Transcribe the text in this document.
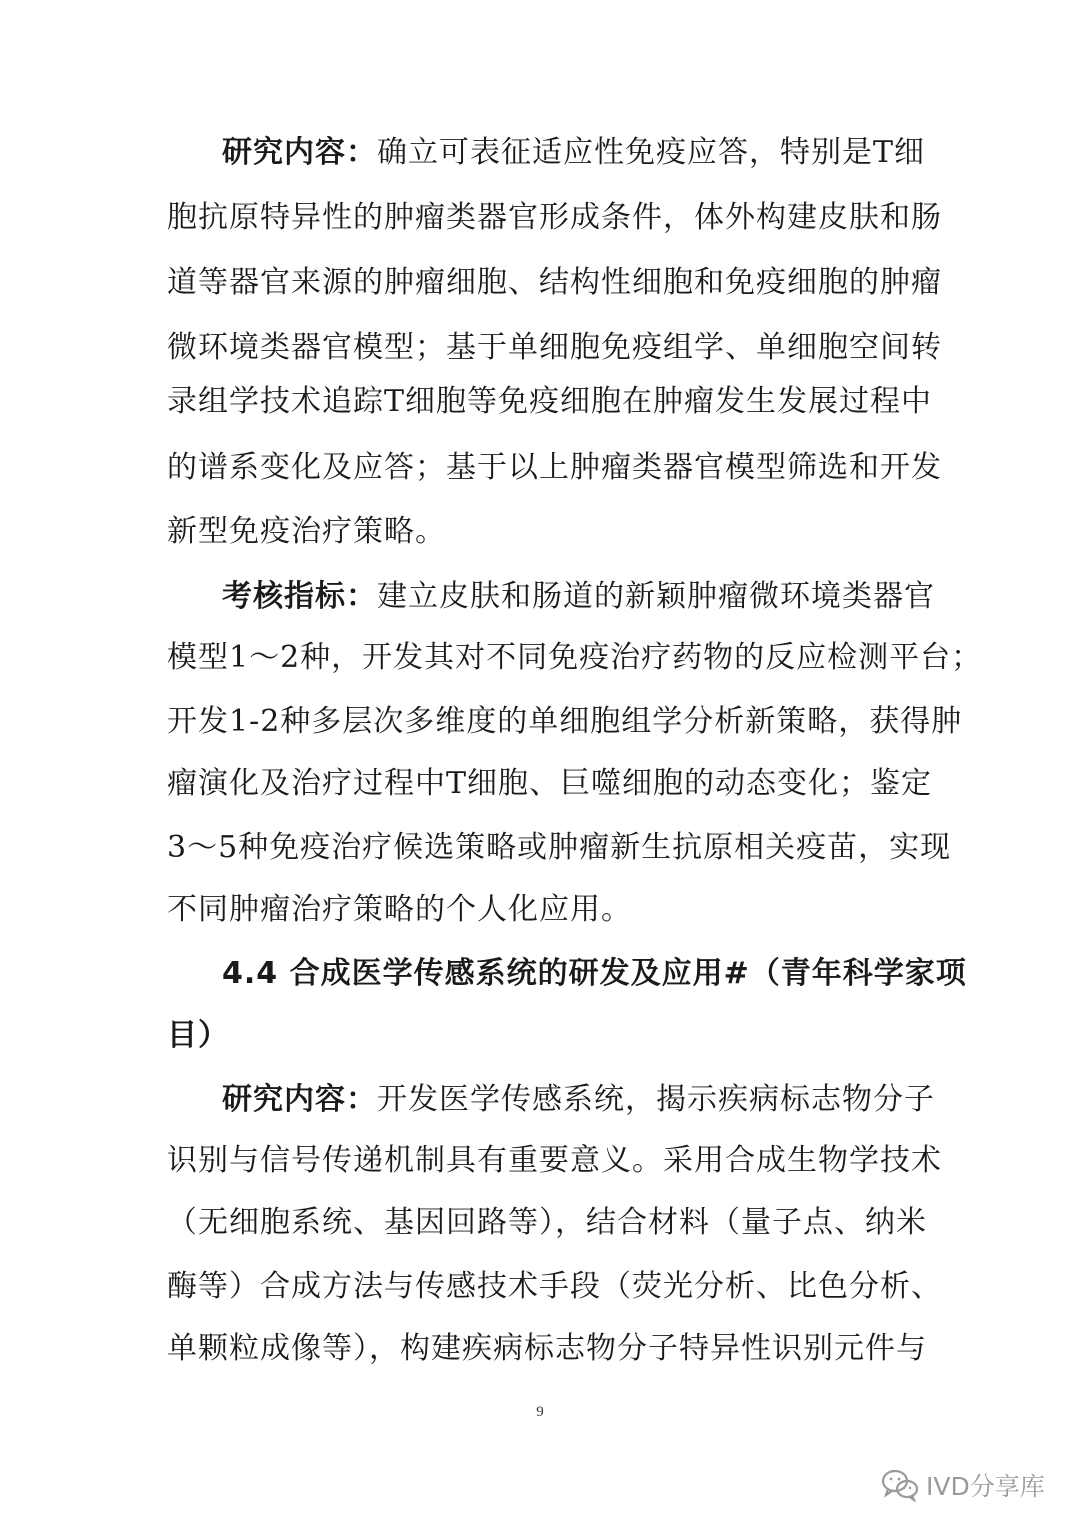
研究内容：确立可表征适应性免疫应答，特别是T细
胞抗原特异性的肿瘤类器官形成条件，体外构建皮肤和肠
道等器官来源的肿瘤细胞、结构性细胞和免疫细胞的肿瘤
微环境类器官模型；基于单细胞免疫组学、单细胞空间转
录组学技术追踪T细胞等免疫细胞在肿瘤发生发展过程中
的谱系变化及应答；基于以上肿瘤类器官模型筛选和开发
新型免疫治疗策略。
考核指标：建立皮肤和肠道的新颖肿瘤微环境类器官
模型1～2种，开发其对不同免疫治疗药物的反应检测平台；
开发1-2种多层次多维度的单细胞组学分析新策略，获得肿
瘤演化及治疗过程中T细胞、巨噬细胞的动态变化；鉴定
3～5种免疫治疗候选策略或肿瘤新生抗原相关疫苗，实现
不同肿瘤治疗策略的个人化应用。
4.4 合成医学传感系统的研发及应用#（青年科学家项
目）
研究内容：开发医学传感系统，揭示疾病标志物分子
识别与信号传递机制具有重要意义。采用合成生物学技术
（无细胞系统、基因回路等），结合材料（量子点、纳米
酶等）合成方法与传感技术手段（荧光分析、比色分析、
单颗粒成像等），构建疾病标志物分子特异性识别元件与
9
IVD分享库
